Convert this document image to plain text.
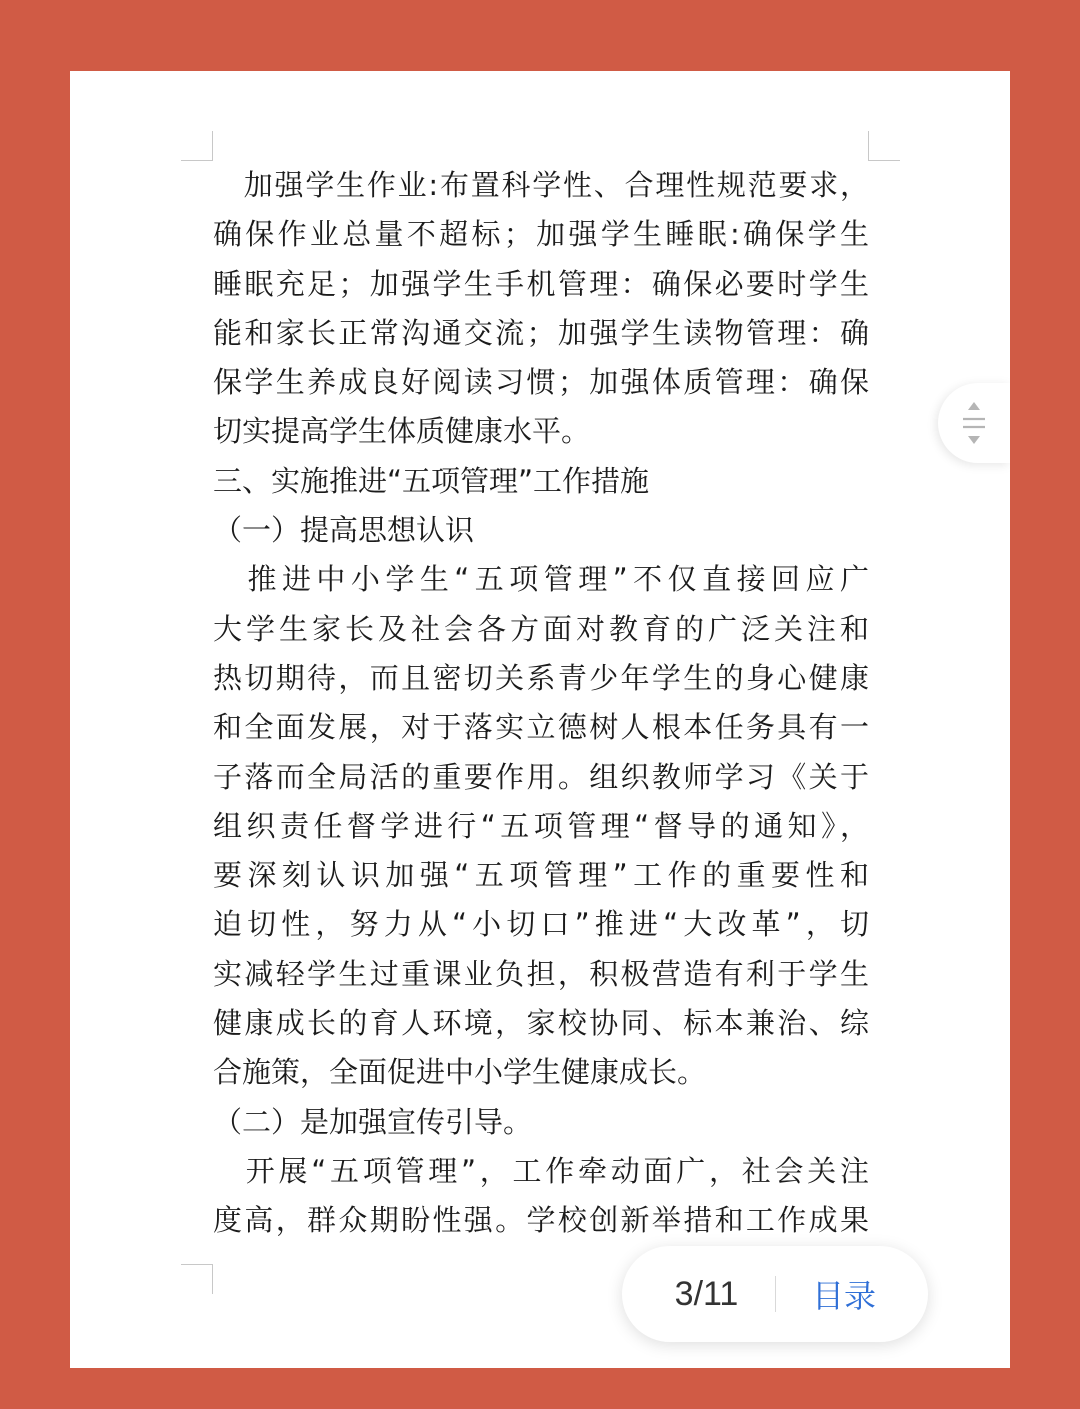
　加强学生作业:布置科学性、合理性规范要求，
确保作业总量不超标；加强学生睡眠:确保学生
睡眠充足；加强学生手机管理：确保必要时学生
能和家长正常沟通交流；加强学生读物管理：确
保学生养成良好阅读习惯；加强体质管理：确保
切实提高学生体质健康水平。
三、实施推进“五项管理”工作措施
（一）提高思想认识
　推进中小学生“五项管理”不仅直接回应广
大学生家长及社会各方面对教育的广泛关注和
热切期待，而且密切关系青少年学生的身心健康
和全面发展，对于落实立德树人根本任务具有一
子落而全局活的重要作用。组织教师学习《关于
组织责任督学进行“五项管理“督导的通知》，
要深刻认识加强“五项管理”工作的重要性和
迫切性，努力从“小切口”推进“大改革”，切
实减轻学生过重课业负担，积极营造有利于学生
健康成长的育人环境，家校协同、标本兼治、综
合施策，全面促进中小学生健康成长。
（二）是加强宣传引导。
　开展“五项管理”，工作牵动面广，社会关注
度高，群众期盼性强。学校创新举措和工作成果
3/11	目录
